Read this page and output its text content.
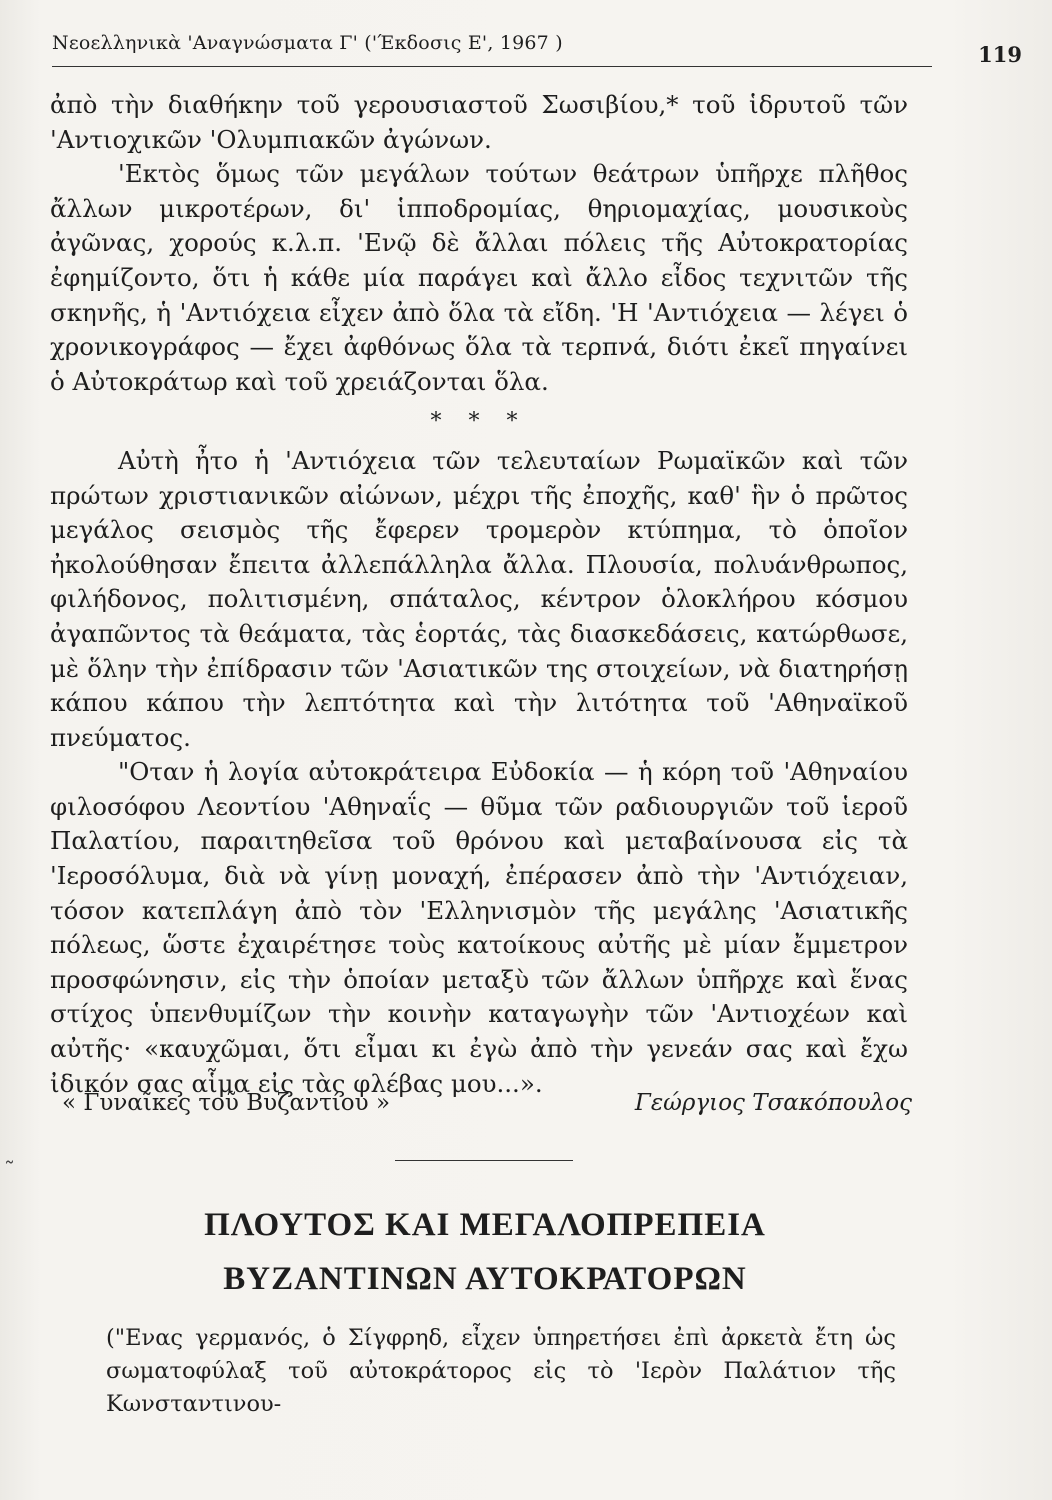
Νεοελληνικὰ 'Αναγνώσματα Γ' ('Έκδοσις Ε', 1967 )	119

ἀπὸ τὴν διαθήκην τοῦ γερουσιαστοῦ Σωσιβίου,* τοῦ ἱδρυτοῦ τῶν 'Αντιοχικῶν 'Ολυμπιακῶν ἀγώνων.

'Εκτὸς ὅμως τῶν μεγάλων τούτων θεάτρων ὑπῆρχε πλῆθος ἄλλων μικροτέρων, δι' ἱπποδρομίας, θηριομαχίας, μουσικοὺς ἀγῶνας, χορούς κ.λ.π. 'Ενῷ δὲ ἄλλαι πόλεις τῆς Αὐτοκρατορίας ἐφημίζοντο, ὅτι ἡ κάθε μία παράγει καὶ ἄλλο εἶδος τεχνιτῶν τῆς σκηνῆς, ἡ 'Αντιόχεια εἶχεν ἀπὸ ὅλα τὰ εἴδη. 'Η 'Αντιόχεια — λέγει ὁ χρονικογράφος — ἔχει ἀφθόνως ὅλα τὰ τερπνά, διότι ἐκεῖ πηγαίνει ὁ Αὐτοκράτωρ καὶ τοῦ χρειάζονται ὅλα.

* * *

Αὐτὴ ἦτο ἡ 'Αντιόχεια τῶν τελευταίων Ρωμαϊκῶν καὶ τῶν πρώτων χριστιανικῶν αἰώνων, μέχρι τῆς ἐποχῆς, καθ' ἣν ὁ πρῶτος μεγάλος σεισμὸς τῆς ἔφερεν τρομερὸν κτύπημα, τὸ ὁποῖον ἠκολούθησαν ἔπειτα ἀλλεπάλληλα ἄλλα. Πλουσία, πολυάνθρωπος, φιλήδονος, πολιτισμένη, σπάταλος, κέντρον ὁλοκλήρου κόσμου ἀγαπῶντος τὰ θεάματα, τὰς ἑορτάς, τὰς διασκεδάσεις, κατώρθωσε, μὲ ὅλην τὴν ἐπίδρασιν τῶν 'Ασιατικῶν της στοιχείων, νὰ διατηρήσῃ κάπου κάπου τὴν λεπτότητα καὶ τὴν λιτότητα τοῦ 'Αθηναϊκοῦ πνεύματος.

"Οταν ἡ λογία αὐτοκράτειρα Εὐδοκία — ἡ κόρη τοῦ 'Αθηναίου φιλοσόφου Λεοντίου 'Αθηναΐς — θῦμα τῶν ραδιουργιῶν τοῦ ἱεροῦ Παλατίου, παραιτηθεῖσα τοῦ θρόνου καὶ μεταβαίνουσα εἰς τὰ 'Ιεροσόλυμα, διὰ νὰ γίνῃ μοναχή, ἐπέρασεν ἀπὸ τὴν 'Αντιόχειαν, τόσον κατεπλάγη ἀπὸ τὸν 'Ελληνισμὸν τῆς μεγάλης 'Ασιατικῆς πόλεως, ὥστε ἐχαιρέτησε τοὺς κατοίκους αὐτῆς μὲ μίαν ἔμμετρον προσφώνησιν, εἰς τὴν ὁποίαν μεταξὺ τῶν ἄλλων ὑπῆρχε καὶ ἕνας στίχος ὑπενθυμίζων τὴν κοινὴν καταγωγὴν τῶν 'Αντιοχέων καὶ αὐτῆς· «καυχῶμαι, ὅτι εἶμαι κι ἐγὼ ἀπὸ τὴν γενεάν σας καὶ ἔχω ἰδικόν σας αἷμα εἰς τὰς φλέβας μου...».

« Γυναῖκες τοῦ Βυζαντίου »	Γεώργιος Τσακόπουλος
˷
ΠΛΟΥΤΟΣ ΚΑΙ ΜΕΓΑΛΟΠΡΕΠΕΙΑ
ΒΥΖΑΝΤΙΝΩΝ ΑΥΤΟΚΡΑΤΟΡΩΝ
("Ενας γερμανός, ὁ Σίγφρηδ, εἶχεν ὑπηρετήσει ἐπὶ ἀρκετὰ ἔτη ὡς σωματοφύλαξ τοῦ αὐτοκράτορος εἰς τὸ 'Ιερὸν Παλάτιον τῆς Κωνσταντινου-
